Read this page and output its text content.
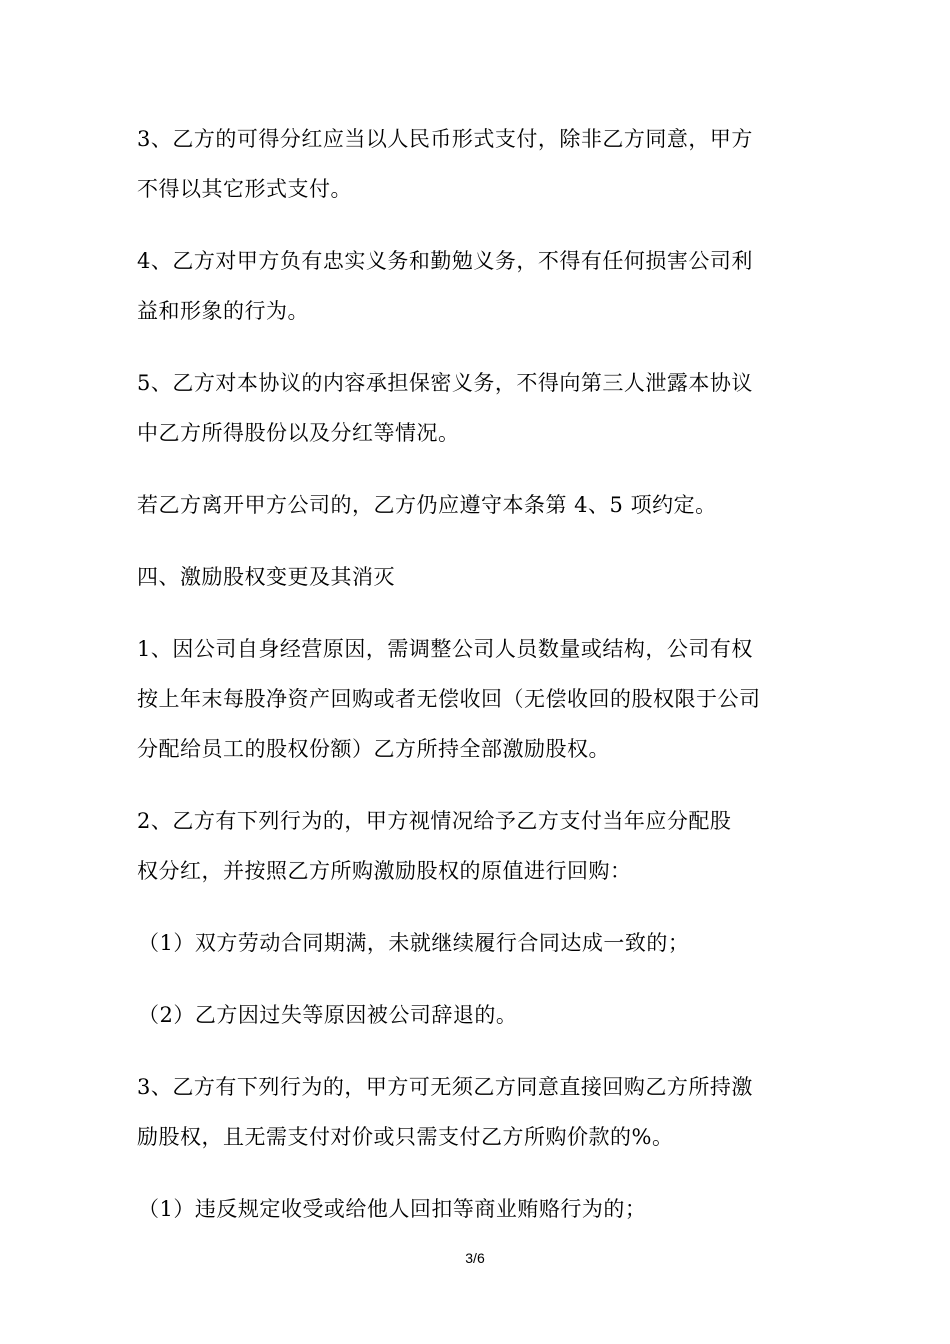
3、乙方的可得分红应当以人民币形式支付，除非乙方同意，甲方
不得以其它形式支付。
4、乙方对甲方负有忠实义务和勤勉义务，不得有任何损害公司利
益和形象的行为。
5、乙方对本协议的内容承担保密义务，不得向第三人泄露本协议
中乙方所得股份以及分红等情况。
若乙方离开甲方公司的，乙方仍应遵守本条第 4、5 项约定。
四、激励股权变更及其消灭
1、因公司自身经营原因，需调整公司人员数量或结构，公司有权
按上年末每股净资产回购或者无偿收回（无偿收回的股权限于公司
分配给员工的股权份额）乙方所持全部激励股权。
2、乙方有下列行为的，甲方视情况给予乙方支付当年应分配股
权分红，并按照乙方所购激励股权的原值进行回购：
（1）双方劳动合同期满，未就继续履行合同达成一致的；
（2）乙方因过失等原因被公司辞退的。
3、乙方有下列行为的，甲方可无须乙方同意直接回购乙方所持激
励股权，且无需支付对价或只需支付乙方所购价款的%。
（1）违反规定收受或给他人回扣等商业贿赂行为的；
3/6
